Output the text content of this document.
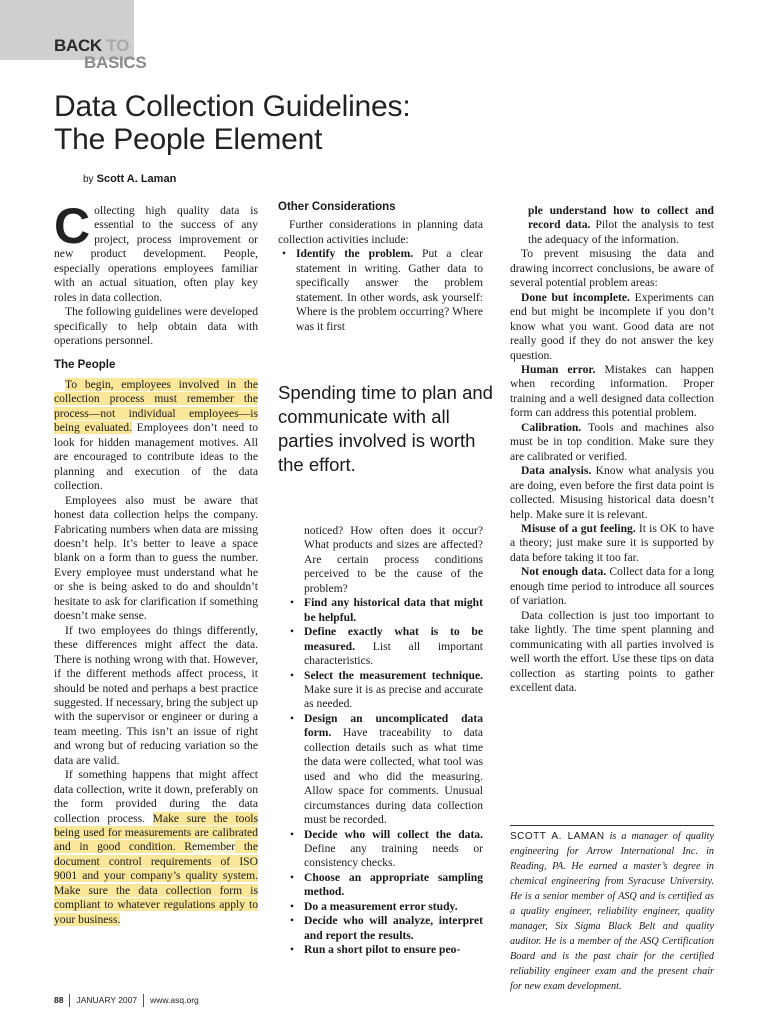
BACK TO
BASICS
Data Collection Guidelines:
The People Element
by Scott A. Laman

Collecting high quality data is essential to the success of any project, process improvement or new product development. People, especially operations employees familiar with an actual situation, often play key roles in data collection.

The following guidelines were developed specifically to help obtain data with operations personnel.

The People

To begin, employees involved in the collection process must remember the process—not individual employees—is being evaluated. Employees don’t need to look for hidden management motives. All are encouraged to contribute ideas to the planning and execution of the data collection.

Employees also must be aware that honest data collection helps the company. Fabricating numbers when data are missing doesn’t help. It’s better to leave a space blank on a form than to guess the number. Every employee must understand what he or she is being asked to do and shouldn’t hesitate to ask for clarification if something doesn’t make sense.

If two employees do things differently, these differences might affect the data. There is nothing wrong with that. However, if the different methods affect process, it should be noted and perhaps a best practice suggested. If necessary, bring the subject up with the supervisor or engineer or during a team meeting. This isn’t an issue of right and wrong but of reducing variation so the data are valid.

If something happens that might affect data collection, write it down, preferably on the form provided during the data collection process. Make sure the tools being used for measurements are calibrated and in good condition. Remember the document control requirements of ISO 9001 and your company’s quality system. Make sure the data collection form is compliant to whatever regulations apply to your business.

Other Considerations

Further considerations in planning data collection activities include:

• Identify the problem. Put a clear statement in writing. Gather data to specifically answer the problem statement. In other words, ask yourself: Where is the problem occurring? Where was it first
Spending time to plan and communicate with all parties involved is worth the effort.
noticed? How often does it occur? What products and sizes are affected? Are certain process conditions perceived to be the cause of the problem?
• Find any historical data that might be helpful.
• Define exactly what is to be measured. List all important characteristics.
• Select the measurement technique. Make sure it is as precise and accurate as needed.
• Design an uncomplicated data form. Have traceability to data collection details such as what time the data were collected, what tool was used and who did the measuring. Allow space for comments. Unusual circumstances during data collection must be recorded.
• Decide who will collect the data. Define any training needs or consistency checks.
• Choose an appropriate sampling method.
• Do a measurement error study.
• Decide who will analyze, interpret and report the results.
• Run a short pilot to ensure peo-
ple understand how to collect and record data. Pilot the analysis to test the adequacy of the information.

To prevent misusing the data and drawing incorrect conclusions, be aware of several potential problem areas:

Done but incomplete. Experiments can end but might be incomplete if you don’t know what you want. Good data are not really good if they do not answer the key question.

Human error. Mistakes can happen when recording information. Proper training and a well designed data collection form can address this potential problem.

Calibration. Tools and machines also must be in top condition. Make sure they are calibrated or verified.

Data analysis. Know what analysis you are doing, even before the first data point is collected. Misusing historical data doesn’t help. Make sure it is relevant.

Misuse of a gut feeling. It is OK to have a theory; just make sure it is supported by data before taking it too far.

Not enough data. Collect data for a long enough time period to introduce all sources of variation.

Data collection is just too important to take lightly. The time spent planning and communicating with all parties involved is well worth the effort. Use these tips on data collection as starting points to gather excellent data.

SCOTT A. LAMAN is a manager of quality engineering for Arrow International Inc. in Reading, PA. He earned a master’s degree in chemical engineering from Syracuse University. He is a senior member of ASQ and is certified as a quality engineer, reliability engineer, quality manager, Six Sigma Black Belt and quality auditor. He is a member of the ASQ Certification Board and is the past chair for the certified reliability engineer exam and the present chair for new exam development.
88 JANUARY 2007 www.asq.org
